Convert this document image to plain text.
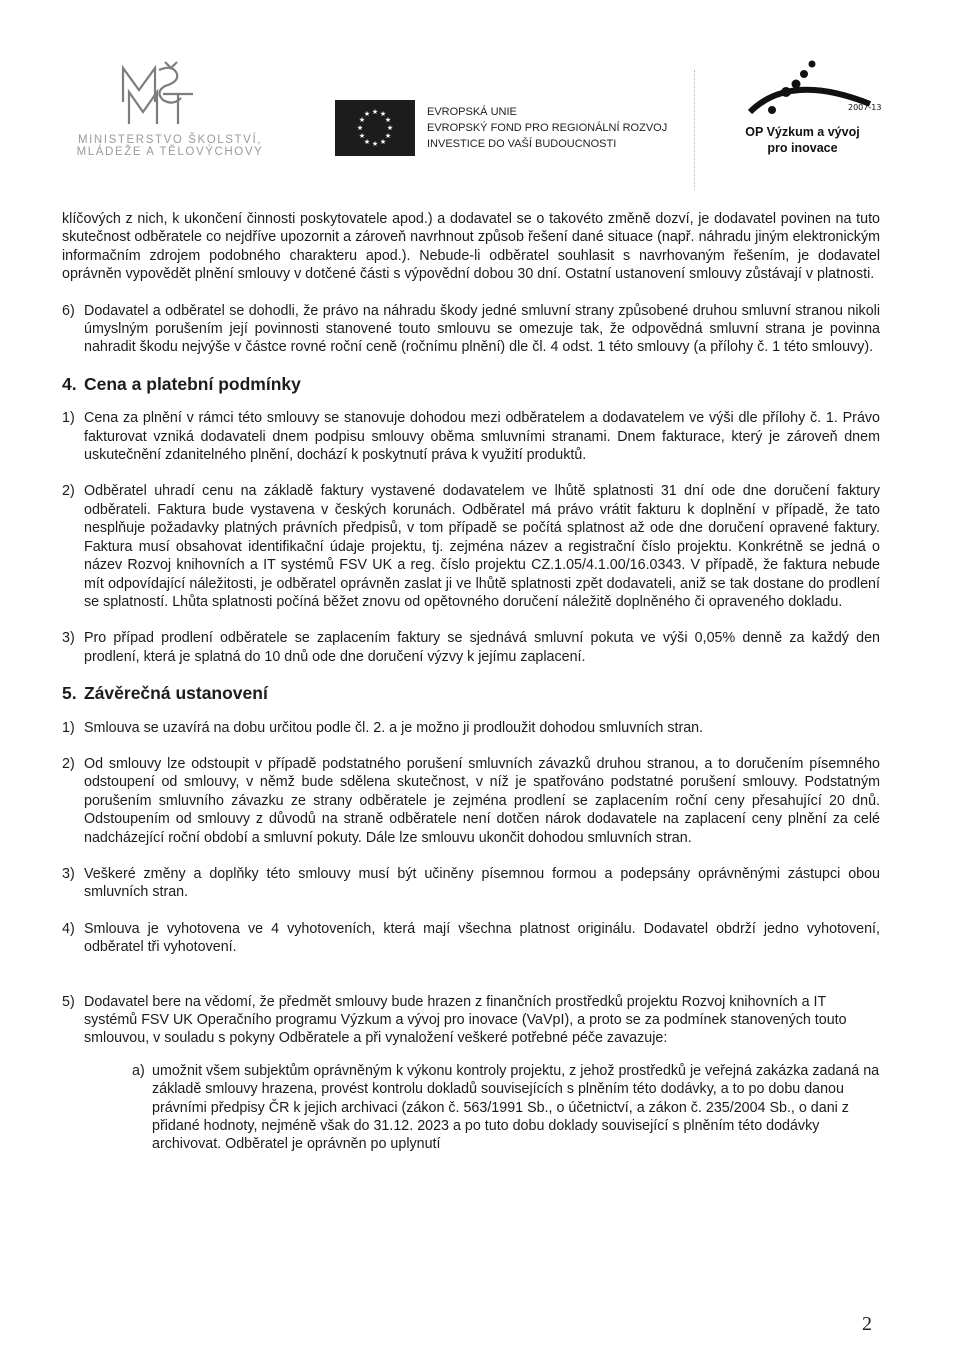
MINISTERSTVO ŠKOLSTVÍ,
MLÁDEŽE A TĚLOVÝCHOVY
★ ★
★
★
★
★
★
★
★
★
★
★	EVROPSKÁ UNIE
EVROPSKÝ FOND PRO REGIONÁLNÍ ROZVOJ
INVESTICE DO VAŠÍ BUDOUCNOSTI
2007-13
OP Výzkum a vývoj
pro inovace
klíčových z nich, k ukončení činnosti poskytovatele apod.) a dodavatel se o takovéto změně dozví, je dodavatel povinen na tuto skutečnost odběratele co nejdříve upozornit a zároveň navrhnout způsob řešení dané situace (např. náhradu jiným elektronickým informačním zdrojem podobného charakteru apod.). Nebude-li odběratel souhlasit s navrhovaným řešením, je dodavatel oprávněn vypovědět plnění smlouvy v dotčené části s výpovědní dobou 30 dní. Ostatní ustanovení smlouvy zůstávají v platnosti.
6) Dodavatel a odběratel se dohodli, že právo na náhradu škody jedné smluvní strany způsobené druhou smluvní stranou nikoli úmyslným porušením její povinnosti stanovené touto smlouvu se omezuje tak, že odpovědná smluvní strana je povinna nahradit škodu nejvýše v částce rovné roční ceně (ročnímu plnění) dle čl. 4 odst. 1 této smlouvy (a přílohy č. 1 této smlouvy).
4. Cena a platební podmínky
1) Cena za plnění v rámci této smlouvy se stanovuje dohodou mezi odběratelem a dodavatelem ve výši dle přílohy č. 1. Právo fakturovat vzniká dodavateli dnem podpisu smlouvy oběma smluvními stranami. Dnem fakturace, který je zároveň dnem uskutečnění zdanitelného plnění, dochází k poskytnutí práva k využití produktů.
2) Odběratel uhradí cenu na základě faktury vystavené dodavatelem ve lhůtě splatnosti 31 dní ode dne doručení faktury odběrateli. Faktura bude vystavena v českých korunách. Odběratel má právo vrátit fakturu k doplnění v případě, že tato nesplňuje požadavky platných právních předpisů, v tom případě se počítá splatnost až ode dne doručení opravené faktury. Faktura musí obsahovat identifikační údaje projektu, tj. zejména název a registrační číslo projektu. Konkrétně se jedná o název Rozvoj knihovních a IT systémů FSV UK a reg. číslo projektu CZ.1.05/4.1.00/16.0343. V případě, že faktura nebude mít odpovídající náležitosti, je odběratel oprávněn zaslat ji ve lhůtě splatnosti zpět dodavateli, aniž se tak dostane do prodlení se splatností. Lhůta splatnosti počíná běžet znovu od opětovného doručení náležitě doplněného či opraveného dokladu.
3) Pro případ prodlení odběratele se zaplacením faktury se sjednává smluvní pokuta ve výši 0,05% denně za každý den prodlení, která je splatná do 10 dnů ode dne doručení výzvy k jejímu zaplacení.
5. Závěrečná ustanovení
1) Smlouva se uzavírá na dobu určitou podle čl. 2. a je možno ji prodloužit dohodou smluvních stran.
2) Od smlouvy lze odstoupit v případě podstatného porušení smluvních závazků druhou stranou, a to doručením písemného odstoupení od smlouvy, v němž bude sdělena skutečnost, v níž je spatřováno podstatné porušení smlouvy. Podstatným porušením smluvního závazku ze strany odběratele je zejména prodlení se zaplacením roční ceny přesahující 20 dnů. Odstoupením od smlouvy z důvodů na straně odběratele není dotčen nárok dodavatele na zaplacení ceny plnění za celé nadcházející roční období a smluvní pokuty. Dále lze smlouvu ukončit dohodou smluvních stran.
3) Veškeré změny a doplňky této smlouvy musí být učiněny písemnou formou a podepsány oprávněnými zástupci obou smluvních stran.
4) Smlouva je vyhotovena ve 4 vyhotoveních, která mají všechna platnost originálu. Dodavatel obdrží jedno vyhotovení, odběratel tři vyhotovení.
5) Dodavatel bere na vědomí, že předmět smlouvy bude hrazen z finančních prostředků projektu Rozvoj knihovních a IT systémů FSV UK Operačního programu Výzkum a vývoj pro inovace (VaVpI), a proto se za podmínek stanovených touto smlouvou, v souladu s pokyny Odběratele a při vynaložení veškeré potřebné péče zavazuje:
a) umožnit všem subjektům oprávněným k výkonu kontroly projektu, z jehož prostředků je veřejná zakázka zadaná na základě smlouvy hrazena, provést kontrolu dokladů souvisejících s plněním této dodávky, a to po dobu danou právními předpisy ČR k jejich archivaci (zákon č. 563/1991 Sb., o účetnictví, a zákon č. 235/2004 Sb., o dani z přidané hodnoty, nejméně však do 31.12. 2023 a po tuto dobu doklady související s plněním této dodávky archivovat. Odběratel je oprávněn po uplynutí
2
